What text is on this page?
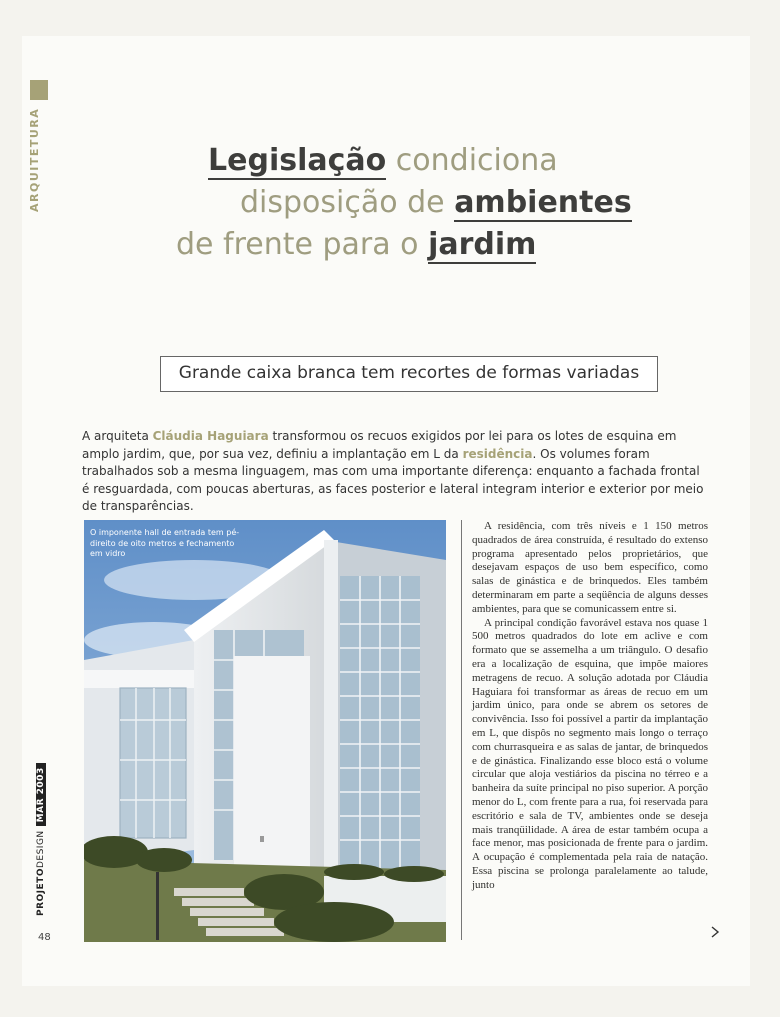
ARQUITETURA	Legislação condiciona
disposição de ambientes
de frente para o jardim
Grande caixa branca tem recortes de formas variadas
A arquiteta Cláudia Haguiara transformou os recuos exigidos por lei para os lotes de esquina em amplo jardim, que, por sua vez, definiu a implantação em L da residência. Os volumes foram trabalhados sob a mesma linguagem, mas com uma importante diferença: enquanto a fachada frontal é resguardada, com poucas aberturas, as faces posterior e lateral integram interior e exterior por meio de transparências.
O imponente hall de entrada tem pé-direito de oito metros e fechamento em vidro

A residência, com três níveis e 1 150 metros quadrados de área construída, é resultado do extenso programa apresentado pelos proprietários, que desejavam espaços de uso bem específico, como salas de ginástica e de brinquedos. Eles também determinaram em parte a seqüência de alguns desses ambientes, para que se comunicassem entre si.

A principal condição favorável estava nos quase 1 500 metros quadrados do lote em aclive e com formato que se assemelha a um triângulo. O desafio era a localização de esquina, que impõe maiores metragens de recuo. A solução adotada por Cláudia Haguiara foi transformar as áreas de recuo em um jardim único, para onde se abrem os setores de convivência. Isso foi possível a partir da implantação em L, que dispôs no segmento mais longo o terraço com churrasqueira e as salas de jantar, de brinquedos e de ginástica. Finalizando esse bloco está o volume circular que aloja vestiários da piscina no térreo e a banheira da suíte principal no piso superior. A porção menor do L, com frente para a rua, foi reservada para escritório e sala de TV, ambientes onde se deseja mais tranqüilidade. A área de estar também ocupa a face menor, mas posicionada de frente para o jardim. A ocupação é complementada pela raia de natação. Essa piscina se prolonga paralelamente ao talude, junto

PROJETODESIGNMAR 2003
48
